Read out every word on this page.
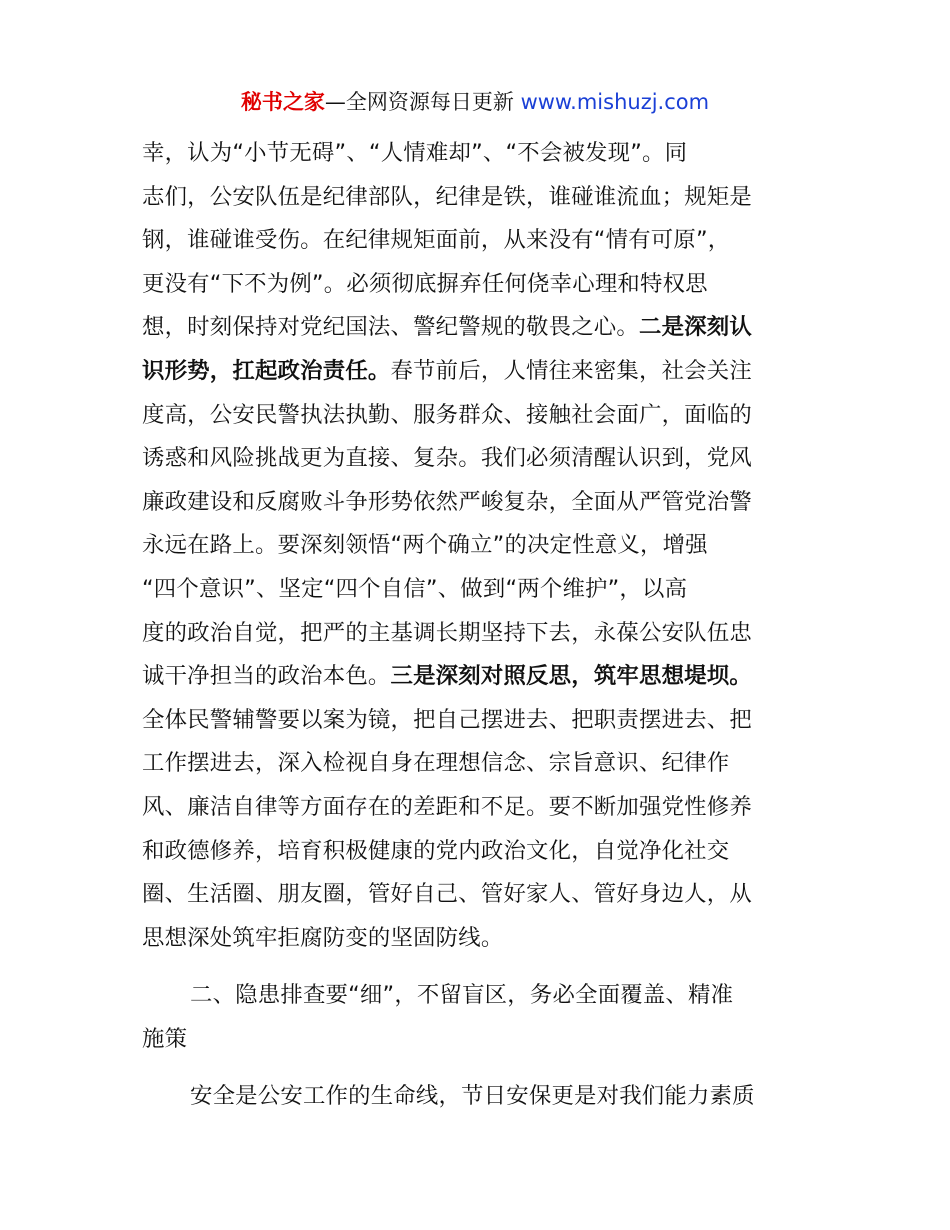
秘书之家—全网资源每日更新 www.mishuzj.com
幸，认为“小节无碍”、“人情难却”、“不会被发现”。同
志们，公安队伍是纪律部队，纪律是铁，谁碰谁流血；规矩是
钢，谁碰谁受伤。在纪律规矩面前，从来没有“情有可原”，
更没有“下不为例”。必须彻底摒弃任何侥幸心理和特权思
想，时刻保持对党纪国法、警纪警规的敬畏之心。二是深刻认
识形势，扛起政治责任。春节前后，人情往来密集，社会关注
度高，公安民警执法执勤、服务群众、接触社会面广，面临的
诱惑和风险挑战更为直接、复杂。我们必须清醒认识到，党风
廉政建设和反腐败斗争形势依然严峻复杂，全面从严管党治警
永远在路上。要深刻领悟“两个确立”的决定性意义，增强
“四个意识”、坚定“四个自信”、做到“两个维护”，以高
度的政治自觉，把严的主基调长期坚持下去，永葆公安队伍忠
诚干净担当的政治本色。三是深刻对照反思，筑牢思想堤坝。
全体民警辅警要以案为镜，把自己摆进去、把职责摆进去、把
工作摆进去，深入检视自身在理想信念、宗旨意识、纪律作
风、廉洁自律等方面存在的差距和不足。要不断加强党性修养
和政德修养，培育积极健康的党内政治文化，自觉净化社交
圈、生活圈、朋友圈，管好自己、管好家人、管好身边人，从
思想深处筑牢拒腐防变的坚固防线。
二、隐患排查要“细”，不留盲区，务必全面覆盖、精准
施策
安全是公安工作的生命线，节日安保更是对我们能力素质
